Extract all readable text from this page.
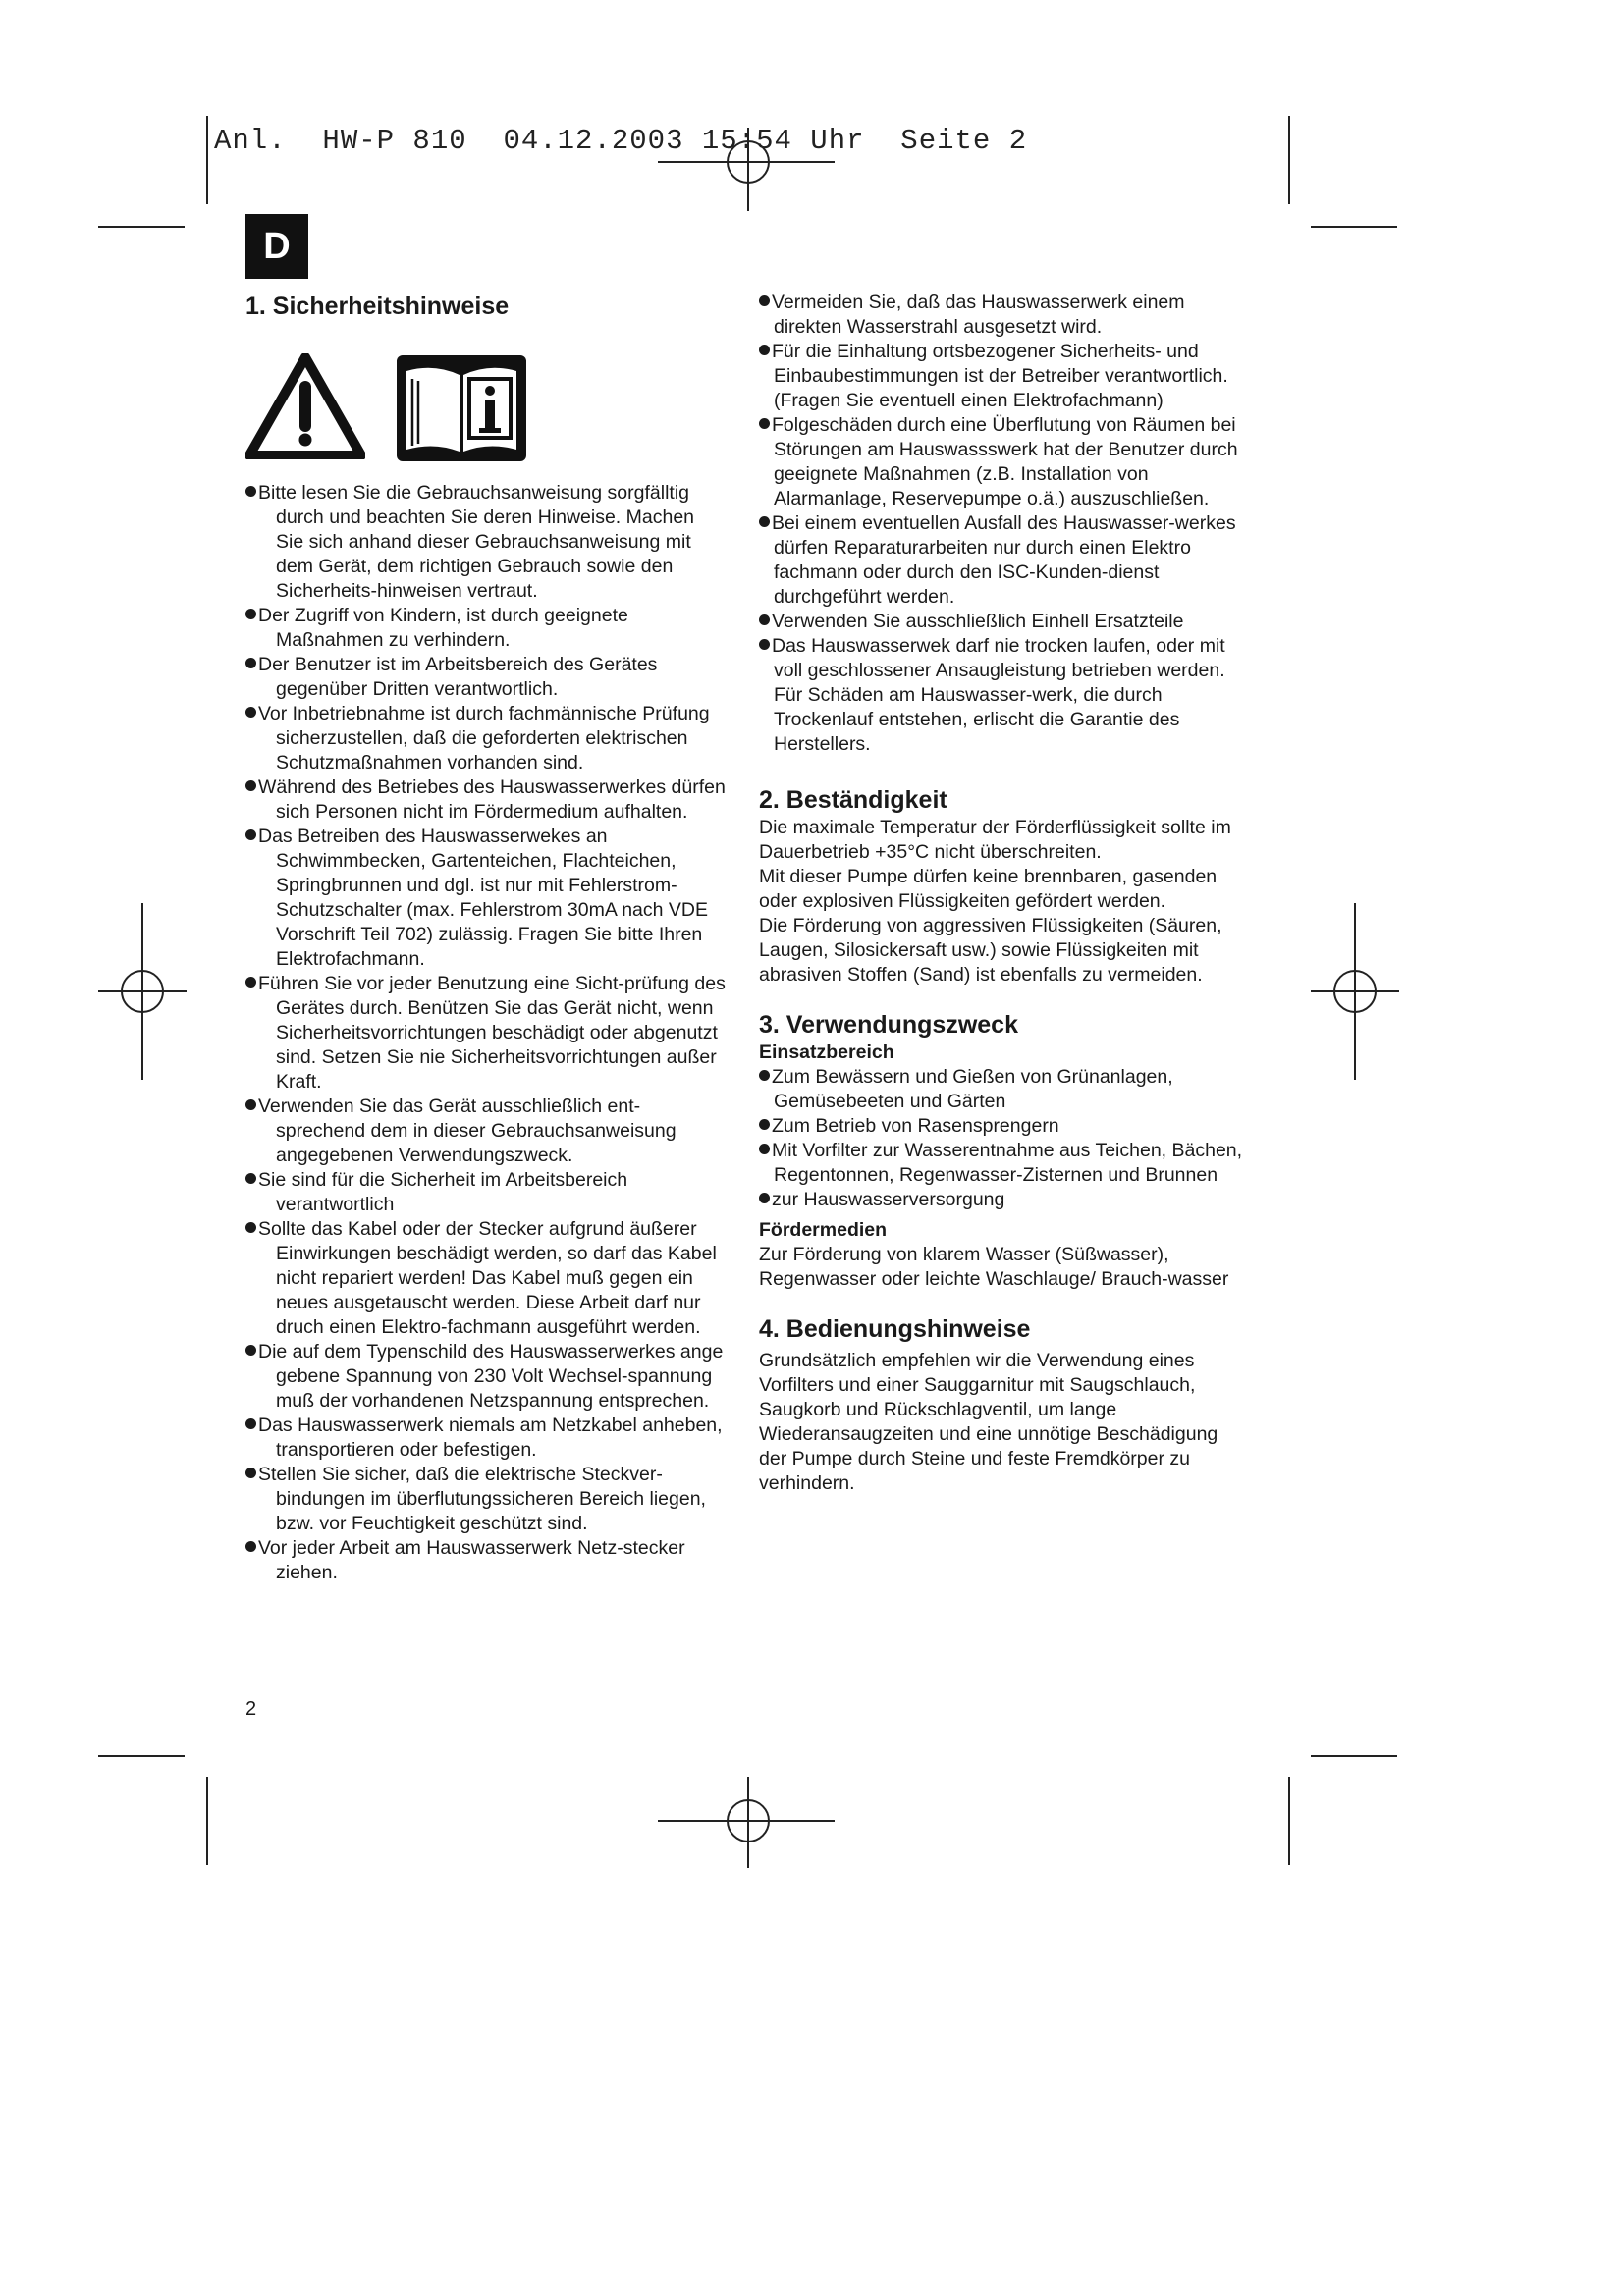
Anl.  HW-P 810  04.12.2003 15:54 Uhr  Seite 2
D
1. Sicherheitshinweise
Bitte lesen Sie die Gebrauchsanweisung sorgfälltig durch und beachten Sie deren Hinweise. Machen Sie sich anhand dieser Gebrauchsanweisung mit dem Gerät, dem richtigen Gebrauch sowie den Sicherheits-hinweisen vertraut.
Der Zugriff von Kindern, ist durch geeignete Maßnahmen zu verhindern.
Der Benutzer ist im Arbeitsbereich des Gerätes gegenüber Dritten verantwortlich.
Vor Inbetriebnahme ist durch fachmännische Prüfung sicherzustellen, daß die geforderten elektrischen Schutzmaßnahmen vorhanden sind.
Während des Betriebes des Hauswasserwerkes dürfen sich Personen nicht im Fördermedium aufhalten.
Das Betreiben des Hauswasserwekes an Schwimmbecken, Gartenteichen, Flachteichen, Springbrunnen und dgl. ist nur mit Fehlerstrom-Schutzschalter (max. Fehlerstrom 30mA nach VDE Vorschrift Teil 702) zulässig. Fragen Sie bitte Ihren Elektrofachmann.
Führen Sie vor jeder Benutzung eine Sicht-prüfung des Gerätes durch. Benützen Sie das Gerät nicht, wenn Sicherheitsvorrichtungen beschädigt oder abgenutzt sind. Setzen Sie nie Sicherheitsvorrichtungen außer Kraft.
Verwenden Sie das Gerät ausschließlich ent-sprechend dem in dieser Gebrauchsanweisung angegebenen Verwendungszweck.
Sie sind für die Sicherheit im Arbeitsbereich verantwortlich
Sollte das Kabel oder der Stecker aufgrund äußerer Einwirkungen beschädigt werden, so darf das Kabel nicht repariert werden! Das Kabel muß gegen ein neues ausgetauscht werden. Diese Arbeit darf nur druch einen Elektro-fachmann ausgeführt werden.
Die auf dem Typenschild des Hauswasserwerkes ange gebene Spannung von 230 Volt Wechsel-spannung muß der vorhandenen Netzspannung entsprechen.
Das Hauswasserwerk niemals am Netzkabel anheben, transportieren oder befestigen.
Stellen Sie sicher, daß die elektrische Steckver-bindungen im überflutungssicheren Bereich liegen, bzw. vor Feuchtigkeit geschützt sind.
Vor jeder Arbeit am Hauswasserwerk Netz-stecker ziehen.
Vermeiden Sie, daß das Hauswasserwerk einem direkten Wasserstrahl ausgesetzt wird.
Für die Einhaltung ortsbezogener Sicherheits- und Einbaubestimmungen ist der Betreiber verantwortlich. (Fragen Sie eventuell einen Elektrofachmann)
Folgeschäden durch eine Überflutung von Räumen bei Störungen am Hauswassswerk hat der Benutzer durch geeignete Maßnahmen (z.B. Installation von Alarmanlage, Reservepumpe o.ä.) auszuschließen.
Bei einem eventuellen Ausfall des Hauswasser-werkes dürfen Reparaturarbeiten nur durch einen Elektro fachmann oder durch den ISC-Kunden-dienst durchgeführt werden.
Verwenden Sie ausschließlich Einhell Ersatzteile
Das Hauswasserwek darf nie trocken laufen, oder mit voll geschlossener Ansaugleistung betrieben werden. Für Schäden am Hauswasser-werk, die durch Trockenlauf entstehen, erlischt die Garantie des Herstellers.
2. Beständigkeit

Die maximale Temperatur der Förderflüssigkeit sollte im Dauerbetrieb +35°C nicht überschreiten.

Mit dieser Pumpe dürfen keine brennbaren, gasenden oder explosiven Flüssigkeiten gefördert werden.

Die Förderung von aggressiven Flüssigkeiten (Säuren, Laugen, Silosickersaft usw.) sowie Flüssigkeiten mit abrasiven Stoffen (Sand) ist ebenfalls zu vermeiden.

3. Verwendungszweck
Einsatzbereich
Zum Bewässern und Gießen von Grünanlagen, Gemüsebeeten und Gärten
Zum Betrieb von Rasensprengern
Mit Vorfilter zur Wasserentnahme aus Teichen, Bächen, Regentonnen, Regenwasser-Zisternen und Brunnen
zur Hauswasserversorgung
Fördermedien

Zur Förderung von klarem Wasser (Süßwasser), Regenwasser oder leichte Waschlauge/ Brauch-wasser

4. Bedienungshinweise

Grundsätzlich empfehlen wir die Verwendung eines Vorfilters und einer Sauggarnitur mit Saugschlauch, Saugkorb und Rückschlagventil, um lange Wiederansaugzeiten und eine unnötige Beschädigung der Pumpe durch Steine und feste Fremdkörper zu verhindern.

2
